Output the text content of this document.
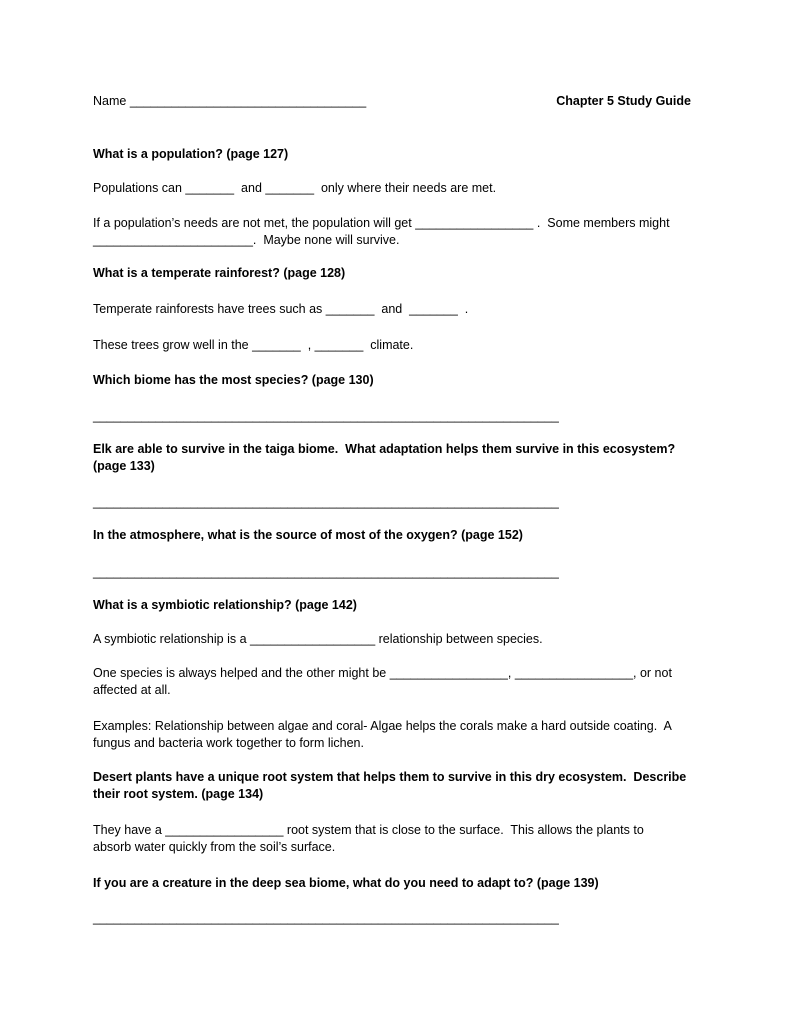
Name __________________________________	Chapter 5 Study Guide
What is a population? (page 127)
Populations can _______  and _______  only where their needs are met.
If a population’s needs are not met, the population will get _________________ .  Some members might
_______________________.  Maybe none will survive.
What is a temperate rainforest? (page 128)
Temperate rainforests have trees such as _______  and  _______  .
These trees grow well in the _______  , _______  climate.
Which biome has the most species? (page 130)
___________________________________________________________________
Elk are able to survive in the taiga biome.  What adaptation helps them survive in this ecosystem?
(page 133)
___________________________________________________________________
In the atmosphere, what is the source of most of the oxygen? (page 152)
___________________________________________________________________
What is a symbiotic relationship? (page 142)
A symbiotic relationship is a __________________ relationship between species.
One species is always helped and the other might be _________________, _________________, or not
affected at all.
Examples: Relationship between algae and coral- Algae helps the corals make a hard outside coating.  A
fungus and bacteria work together to form lichen.
Desert plants have a unique root system that helps them to survive in this dry ecosystem.  Describe
their root system. (page 134)
They have a _________________ root system that is close to the surface.  This allows the plants to
absorb water quickly from the soil’s surface.
If you are a creature in the deep sea biome, what do you need to adapt to? (page 139)
___________________________________________________________________
